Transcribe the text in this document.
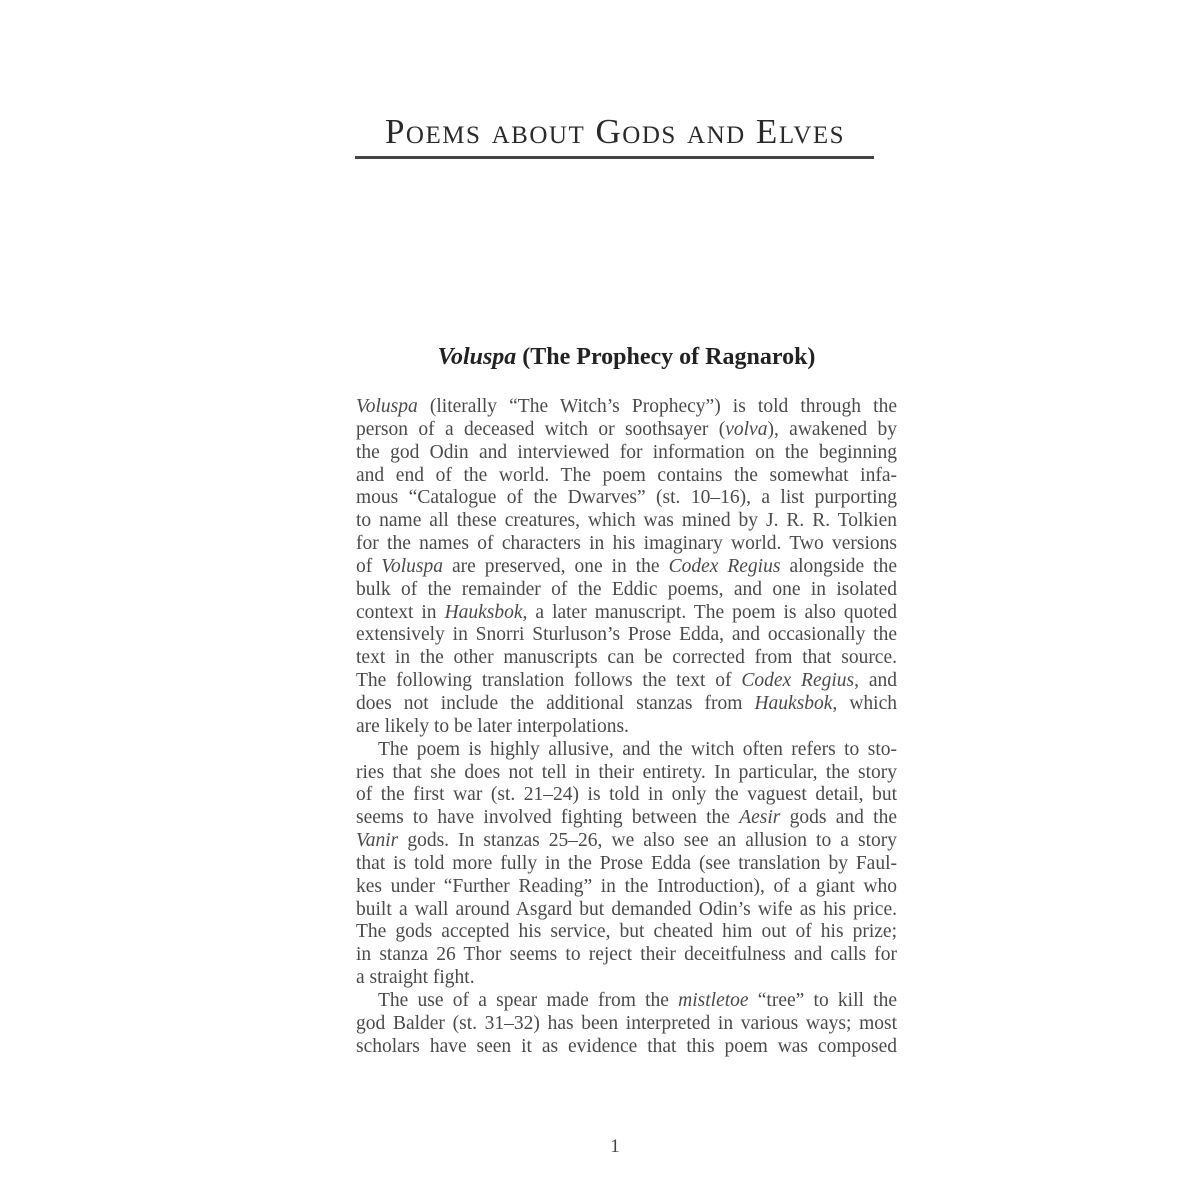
Poems about Gods and Elves
Voluspa (The Prophecy of Ragnarok)
Voluspa (literally “The Witch’s Prophecy”) is told through the
person of a deceased witch or soothsayer (volva), awakened by
the god Odin and interviewed for information on the beginning
and end of the world. The poem contains the somewhat infa-
mous “Catalogue of the Dwarves” (st. 10–16), a list purporting
to name all these creatures, which was mined by J. R. R. Tolkien
for the names of characters in his imaginary world. Two versions
of Voluspa are preserved, one in the Codex Regius alongside the
bulk of the remainder of the Eddic poems, and one in isolated
context in Hauksbok, a later manuscript. The poem is also quoted
extensively in Snorri Sturluson’s Prose Edda, and occasionally the
text in the other manuscripts can be corrected from that source.
The following translation follows the text of Codex Regius, and
does not include the additional stanzas from Hauksbok, which
are likely to be later interpolations.
The poem is highly allusive, and the witch often refers to sto-
ries that she does not tell in their entirety. In particular, the story
of the first war (st. 21–24) is told in only the vaguest detail, but
seems to have involved fighting between the Aesir gods and the
Vanir gods. In stanzas 25–26, we also see an allusion to a story
that is told more fully in the Prose Edda (see translation by Faul-
kes under “Further Reading” in the Introduction), of a giant who
built a wall around Asgard but demanded Odin’s wife as his price.
The gods accepted his service, but cheated him out of his prize;
in stanza 26 Thor seems to reject their deceitfulness and calls for
a straight fight.
The use of a spear made from the mistletoe “tree” to kill the
god Balder (st. 31–32) has been interpreted in various ways; most
scholars have seen it as evidence that this poem was composed
1
